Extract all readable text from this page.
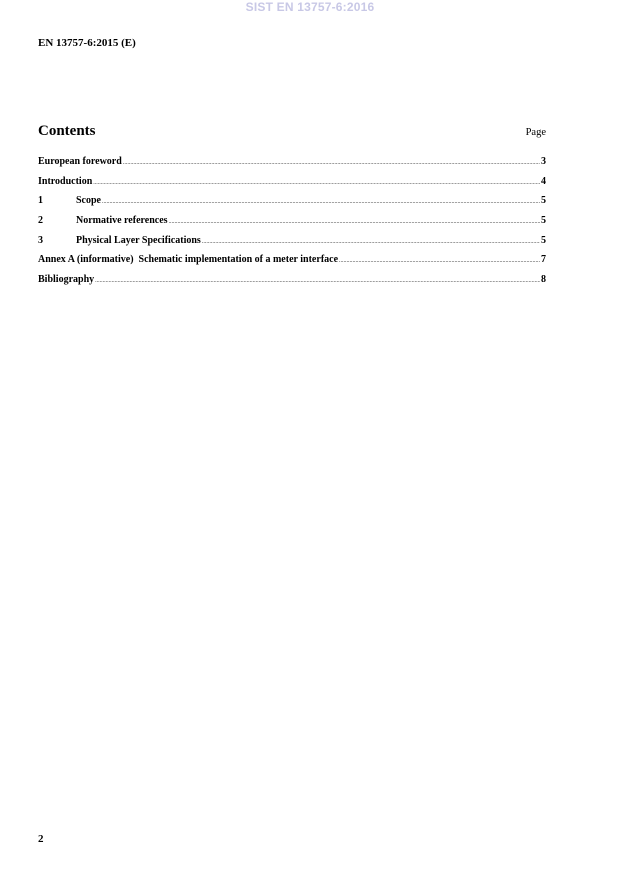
SIST EN 13757-6:2016
EN 13757-6:2015 (E)
Contents	Page
European foreword .....	3
Introduction .....	4
1	Scope .....	5
2	Normative references .....	5
3	Physical Layer Specifications .....	5
Annex A (informative)  Schematic implementation of a meter interface .....	7
Bibliography .....	8
2
